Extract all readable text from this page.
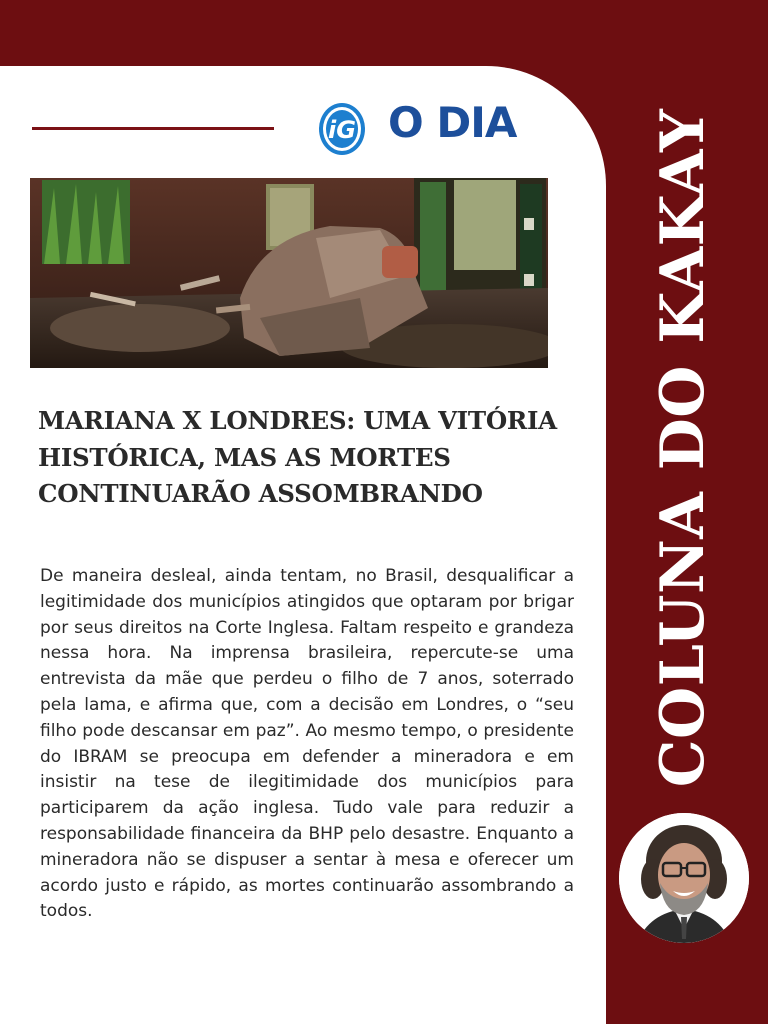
iG O DIA
MARIANA X LONDRES: UMA VITÓRIA HISTÓRICA, MAS AS MORTES CONTINUARÃO ASSOMBRANDO
De maneira desleal, ainda tentam, no Brasil, desqualificar a legitimidade dos municípios atingidos que optaram por brigar por seus direitos na Corte Inglesa. Faltam respeito e grandeza nessa hora. Na imprensa brasileira, repercute-se uma entrevista da mãe que perdeu o filho de 7 anos, soterrado pela lama, e afirma que, com a decisão em Londres, o “seu filho pode descansar em paz”. Ao mesmo tempo, o presidente do IBRAM se preocupa em defender a mineradora e em insistir na tese de ilegitimidade dos municípios para participarem da ação inglesa. Tudo vale para reduzir a responsabilidade financeira da BHP pelo desastre. Enquanto a mineradora não se dispuser a sentar à mesa e oferecer um acordo justo e rápido, as mortes continuarão assombrando a todos.
COLUNA DO KAKAY
